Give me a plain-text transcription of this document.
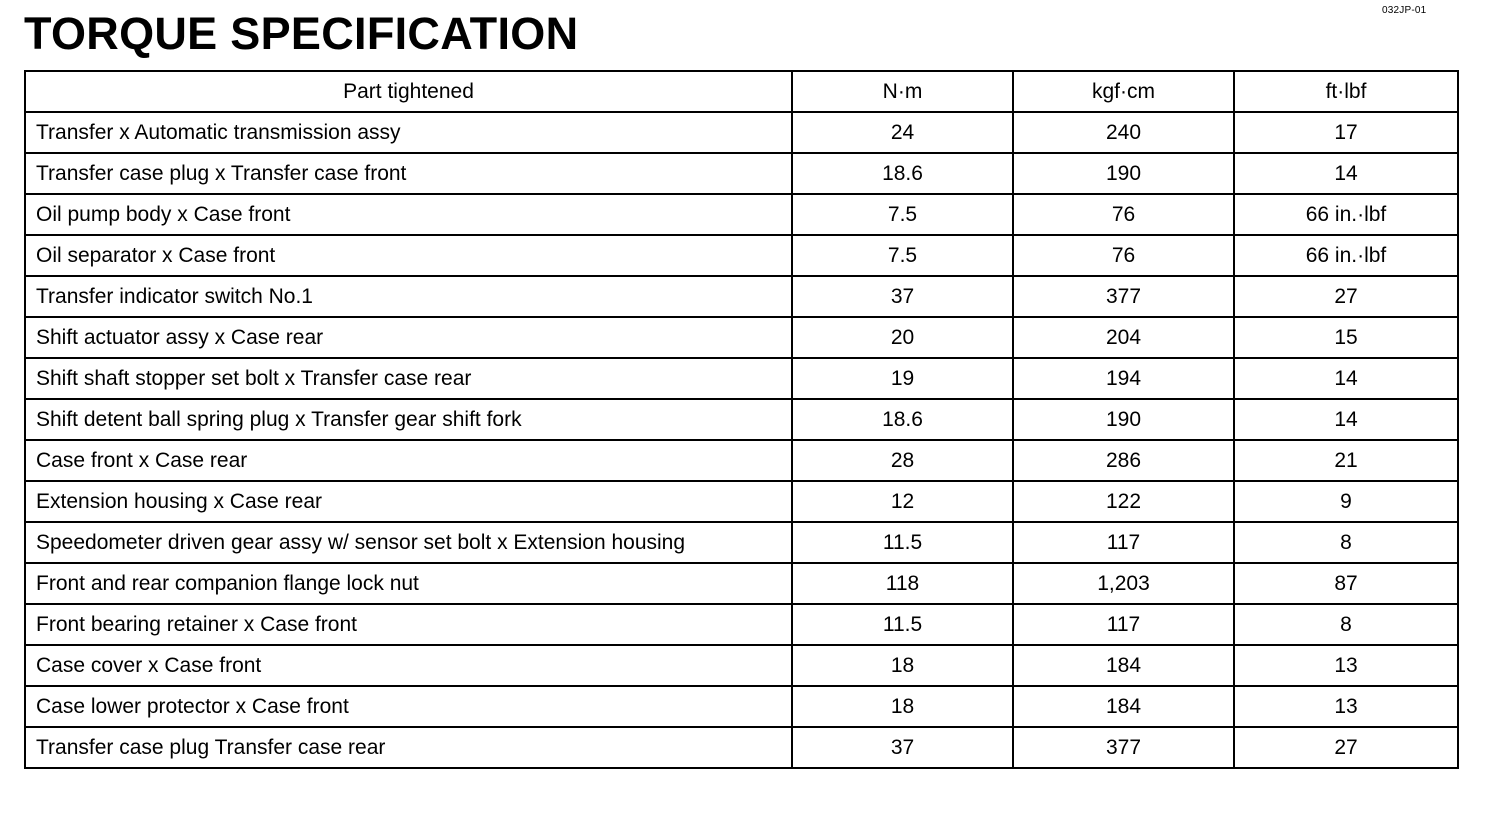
032JP-01
TORQUE SPECIFICATION
Part tightened	N·m	kgf·cm	ft·lbf
Transfer x Automatic transmission assy	24	240	17
Transfer case plug x Transfer case front	18.6	190	14
Oil pump body x Case front	7.5	76	66 in.·lbf
Oil separator x Case front	7.5	76	66 in.·lbf
Transfer indicator switch No.1	37	377	27
Shift actuator assy x Case rear	20	204	15
Shift shaft stopper set bolt x Transfer case rear	19	194	14
Shift detent ball spring plug x Transfer gear shift fork	18.6	190	14
Case front x Case rear	28	286	21
Extension housing x Case rear	12	122	9
Speedometer driven gear assy w/ sensor set bolt x Extension housing	11.5	117	8
Front and rear companion flange lock nut	118	1,203	87
Front bearing retainer x Case front	11.5	117	8
Case cover x Case front	18	184	13
Case lower protector x Case front	18	184	13
Transfer case plug Transfer case rear	37	377	27
